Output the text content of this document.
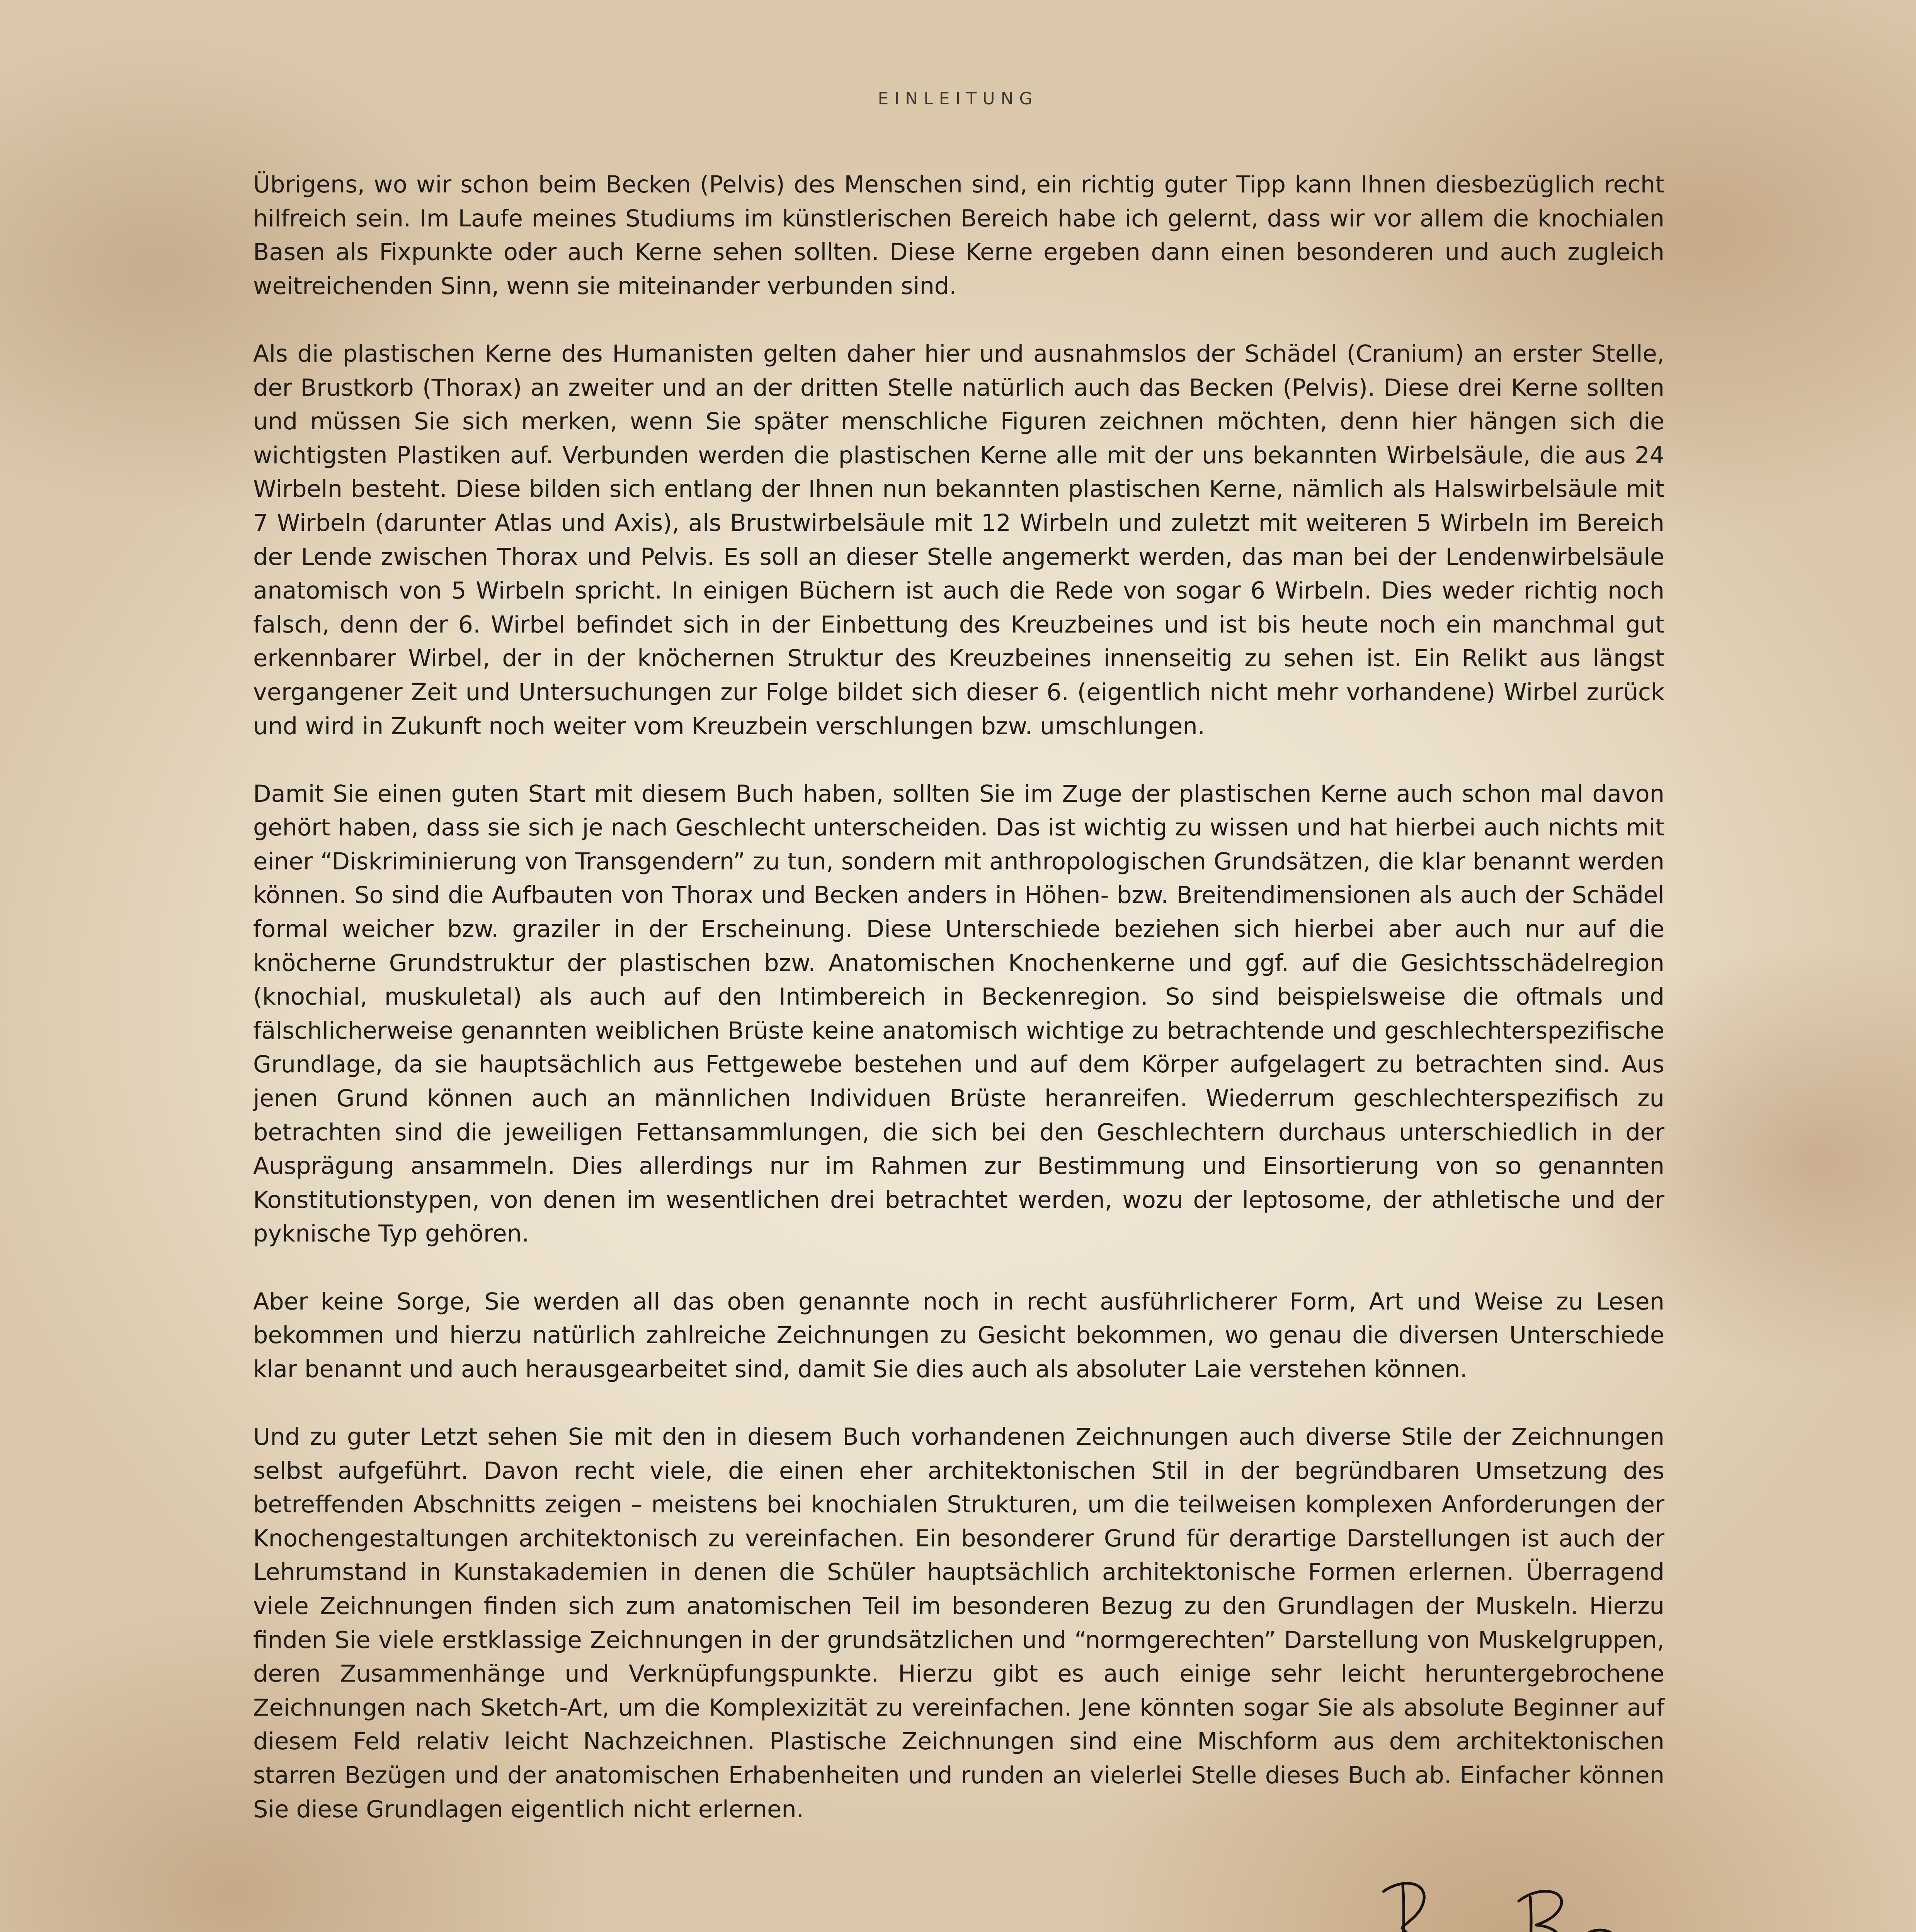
EINLEITUNG

Übrigens, wo wir schon beim Becken (Pelvis) des Menschen sind, ein richtig guter Tipp kann Ihnen diesbezüglich recht hilfreich sein. Im Laufe meines Studiums im künstlerischen Bereich habe ich gelernt, dass wir vor allem die knochialen Basen als Fixpunkte oder auch Kerne sehen sollten. Diese Kerne ergeben dann einen besonderen und auch zugleich weitreichenden Sinn, wenn sie miteinander verbunden sind.

Als die plastischen Kerne des Humanisten gelten daher hier und ausnahmslos der Schädel (Cranium) an erster Stelle, der Brustkorb (Thorax) an zweiter und an der dritten Stelle natürlich auch das Becken (Pelvis). Diese drei Kerne sollten und müssen Sie sich merken, wenn Sie später menschliche Figuren zeichnen möchten, denn hier hängen sich die wichtigsten Plastiken auf. Verbunden werden die plastischen Kerne alle mit der uns bekannten Wirbelsäule, die aus 24 Wirbeln besteht. Diese bilden sich entlang der Ihnen nun bekannten plastischen Kerne, nämlich als Halswirbelsäule mit 7 Wirbeln (darunter Atlas und Axis), als Brustwirbelsäule mit 12 Wirbeln und zuletzt mit weiteren 5 Wirbeln im Bereich der Lende zwischen Thorax und Pelvis. Es soll an dieser Stelle angemerkt werden, das man bei der Lendenwirbelsäule anatomisch von 5 Wirbeln spricht. In einigen Büchern ist auch die Rede von sogar 6 Wirbeln. Dies weder richtig noch falsch, denn der 6. Wirbel befindet sich in der Einbettung des Kreuzbeines und ist bis heute noch ein manchmal gut erkennbarer Wirbel, der in der knöchernen Struktur des Kreuzbeines innenseitig zu sehen ist. Ein Relikt aus längst vergangener Zeit und Untersuchungen zur Folge bildet sich dieser 6. (eigentlich nicht mehr vorhandene) Wirbel zurück und wird in Zukunft noch weiter vom Kreuzbein verschlungen bzw. umschlungen.

Damit Sie einen guten Start mit diesem Buch haben, sollten Sie im Zuge der plastischen Kerne auch schon mal davon gehört haben, dass sie sich je nach Geschlecht unterscheiden. Das ist wichtig zu wissen und hat hierbei auch nichts mit einer “Diskriminierung von Transgendern” zu tun, sondern mit anthropologischen Grundsätzen, die klar benannt werden können. So sind die Aufbauten von Thorax und Becken anders in Höhen- bzw. Breitendimensionen als auch der Schädel formal weicher bzw. graziler in der Erscheinung. Diese Unterschiede beziehen sich hierbei aber auch nur auf die knöcherne Grundstruktur der plastischen bzw. Anatomischen Knochenkerne und ggf. auf die Gesichtsschädelregion (knochial, muskuletal) als auch auf den Intimbereich in Beckenregion. So sind beispielsweise die oftmals und fälschlicherweise genannten weiblichen Brüste keine anatomisch wichtige zu betrachtende und geschlechterspezifische Grundlage, da sie hauptsächlich aus Fettgewebe bestehen und auf dem Körper aufgelagert zu betrachten sind. Aus jenen Grund können auch an männlichen Individuen Brüste heranreifen. Wiederrum geschlechterspezifisch zu betrachten sind die jeweiligen Fettansammlungen, die sich bei den Geschlechtern durchaus unterschiedlich in der Ausprägung ansammeln. Dies allerdings nur im Rahmen zur Bestimmung und Einsortierung von so genannten Konstitutionstypen, von denen im wesentlichen drei betrachtet werden, wozu der leptosome, der athletische und der pyknische Typ gehören.

Aber keine Sorge, Sie werden all das oben genannte noch in recht ausführlicherer Form, Art und Weise zu Lesen bekommen und hierzu natürlich zahlreiche Zeichnungen zu Gesicht bekommen, wo genau die diversen Unterschiede klar benannt und auch herausgearbeitet sind, damit Sie dies auch als absoluter Laie verstehen können.

Und zu guter Letzt sehen Sie mit den in diesem Buch vorhandenen Zeichnungen auch diverse Stile der Zeichnungen selbst aufgeführt. Davon recht viele, die einen eher architektonischen Stil in der begründbaren Umsetzung des betreffenden Abschnitts zeigen – meistens bei knochialen Strukturen, um die teilweisen komplexen Anforderungen der Knochengestaltungen architektonisch zu vereinfachen. Ein besonderer Grund für derartige Darstellungen ist auch der Lehrumstand in Kunstakademien in denen die Schüler hauptsächlich architektonische Formen erlernen. Überragend viele Zeichnungen finden sich zum anatomischen Teil im besonderen Bezug zu den Grundlagen der Muskeln. Hierzu finden Sie viele erstklassige Zeichnungen in der grundsätzlichen und “normgerechten” Darstellung von Muskelgruppen, deren Zusammenhänge und Verknüpfungspunkte. Hierzu gibt es auch einige sehr leicht heruntergebrochene Zeichnungen nach Sketch-Art, um die Komplexizität zu vereinfachen. Jene könnten sogar Sie als absolute Beginner auf diesem Feld relativ leicht Nachzeichnen. Plastische Zeichnungen sind eine Mischform aus dem architektonischen starren Bezügen und der anatomischen Erhabenheiten und runden an vielerlei Stelle dieses Buch ab. Einfacher können Sie diese Grundlagen eigentlich nicht erlernen.
